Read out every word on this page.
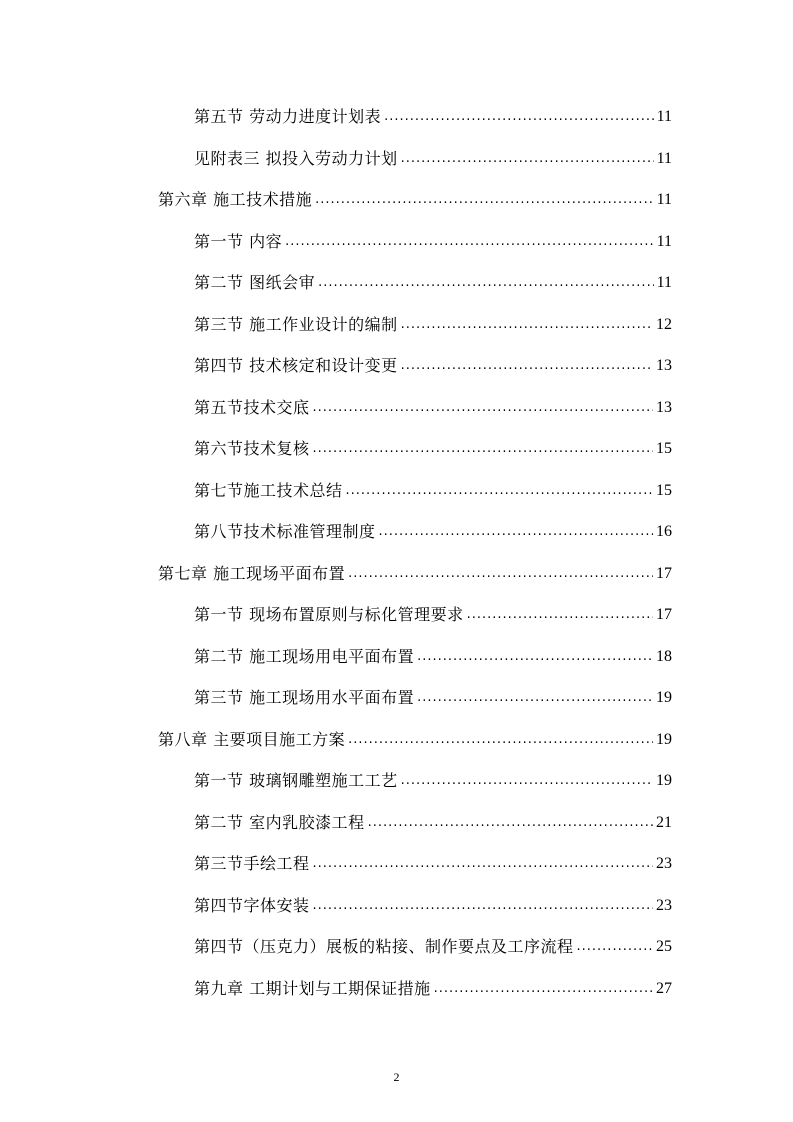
第五节 劳动力进度计划表 .....	11
见附表三 拟投入劳动力计划 .....	11
第六章 施工技术措施 .....	11
第一节 内容 .....	11
第二节 图纸会审 .....	11
第三节 施工作业设计的编制 .....	12
第四节 技术核定和设计变更 .....	13
第五节技术交底 .....	13
第六节技术复核 .....	15
第七节施工技术总结 .....	15
第八节技术标准管理制度 .....	16
第七章 施工现场平面布置 .....	17
第一节 现场布置原则与标化管理要求 .....	17
第二节 施工现场用电平面布置 .....	18
第三节 施工现场用水平面布置 .....	19
第八章 主要项目施工方案 .....	19
第一节 玻璃钢雕塑施工工艺 .....	19
第二节 室内乳胶漆工程 .....	21
第三节手绘工程 .....	23
第四节字体安装 .....	23
第四节（压克力）展板的粘接、制作要点及工序流程 .....	25
第九章 工期计划与工期保证措施 .....	27
2
